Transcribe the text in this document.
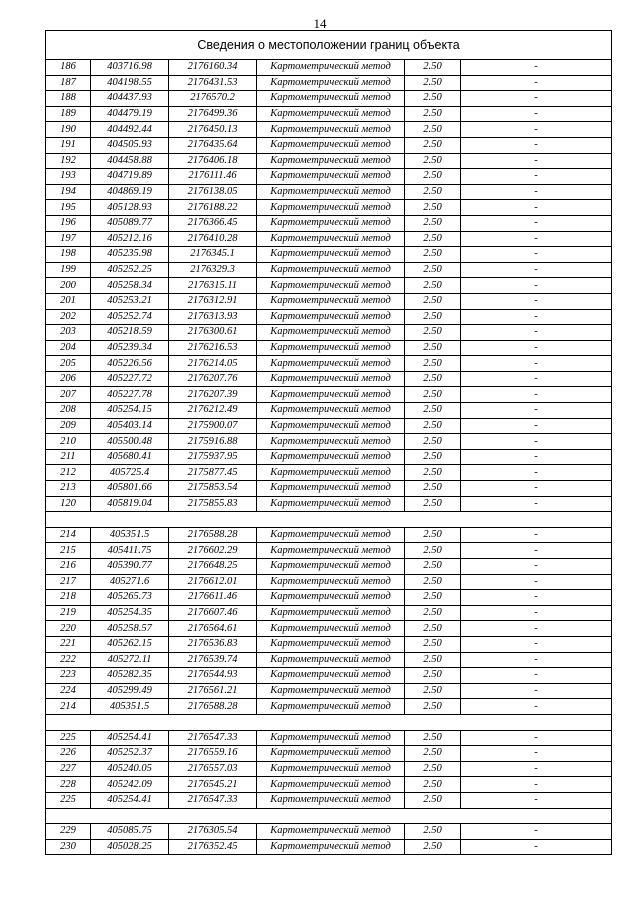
14
Сведения о местоположении границ объекта					
186	403716.98	2176160.34	Картометрический метод	2.50	-
187	404198.55	2176431.53	Картометрический метод	2.50	-
188	404437.93	2176570.2	Картометрический метод	2.50	-
189	404479.19	2176499.36	Картометрический метод	2.50	-
190	404492.44	2176450.13	Картометрический метод	2.50	-
191	404505.93	2176435.64	Картометрический метод	2.50	-
192	404458.88	2176406.18	Картометрический метод	2.50	-
193	404719.89	2176111.46	Картометрический метод	2.50	-
194	404869.19	2176138.05	Картометрический метод	2.50	-
195	405128.93	2176188.22	Картометрический метод	2.50	-
196	405089.77	2176366.45	Картометрический метод	2.50	-
197	405212.16	2176410.28	Картометрический метод	2.50	-
198	405235.98	2176345.1	Картометрический метод	2.50	-
199	405252.25	2176329.3	Картометрический метод	2.50	-
200	405258.34	2176315.11	Картометрический метод	2.50	-
201	405253.21	2176312.91	Картометрический метод	2.50	-
202	405252.74	2176313.93	Картометрический метод	2.50	-
203	405218.59	2176300.61	Картометрический метод	2.50	-
204	405239.34	2176216.53	Картометрический метод	2.50	-
205	405226.56	2176214.05	Картометрический метод	2.50	-
206	405227.72	2176207.76	Картометрический метод	2.50	-
207	405227.78	2176207.39	Картометрический метод	2.50	-
208	405254.15	2176212.49	Картометрический метод	2.50	-
209	405403.14	2175900.07	Картометрический метод	2.50	-
210	405500.48	2175916.88	Картометрический метод	2.50	-
211	405680.41	2175937.95	Картометрический метод	2.50	-
212	405725.4	2175877.45	Картометрический метод	2.50	-
213	405801.66	2175853.54	Картометрический метод	2.50	-
120	405819.04	2175855.83	Картометрический метод	2.50	-

214	405351.5	2176588.28	Картометрический метод	2.50	-
215	405411.75	2176602.29	Картометрический метод	2.50	-
216	405390.77	2176648.25	Картометрический метод	2.50	-
217	405271.6	2176612.01	Картометрический метод	2.50	-
218	405265.73	2176611.46	Картометрический метод	2.50	-
219	405254.35	2176607.46	Картометрический метод	2.50	-
220	405258.57	2176564.61	Картометрический метод	2.50	-
221	405262.15	2176536.83	Картометрический метод	2.50	-
222	405272.11	2176539.74	Картометрический метод	2.50	-
223	405282.35	2176544.93	Картометрический метод	2.50	-
224	405299.49	2176561.21	Картометрический метод	2.50	-
214	405351.5	2176588.28	Картометрический метод	2.50	-

225	405254.41	2176547.33	Картометрический метод	2.50	-
226	405252.37	2176559.16	Картометрический метод	2.50	-
227	405240.05	2176557.03	Картометрический метод	2.50	-
228	405242.09	2176545.21	Картометрический метод	2.50	-
225	405254.41	2176547.33	Картометрический метод	2.50	-

229	405085.75	2176305.54	Картометрический метод	2.50	-
230	405028.25	2176352.45	Картометрический метод	2.50	-
